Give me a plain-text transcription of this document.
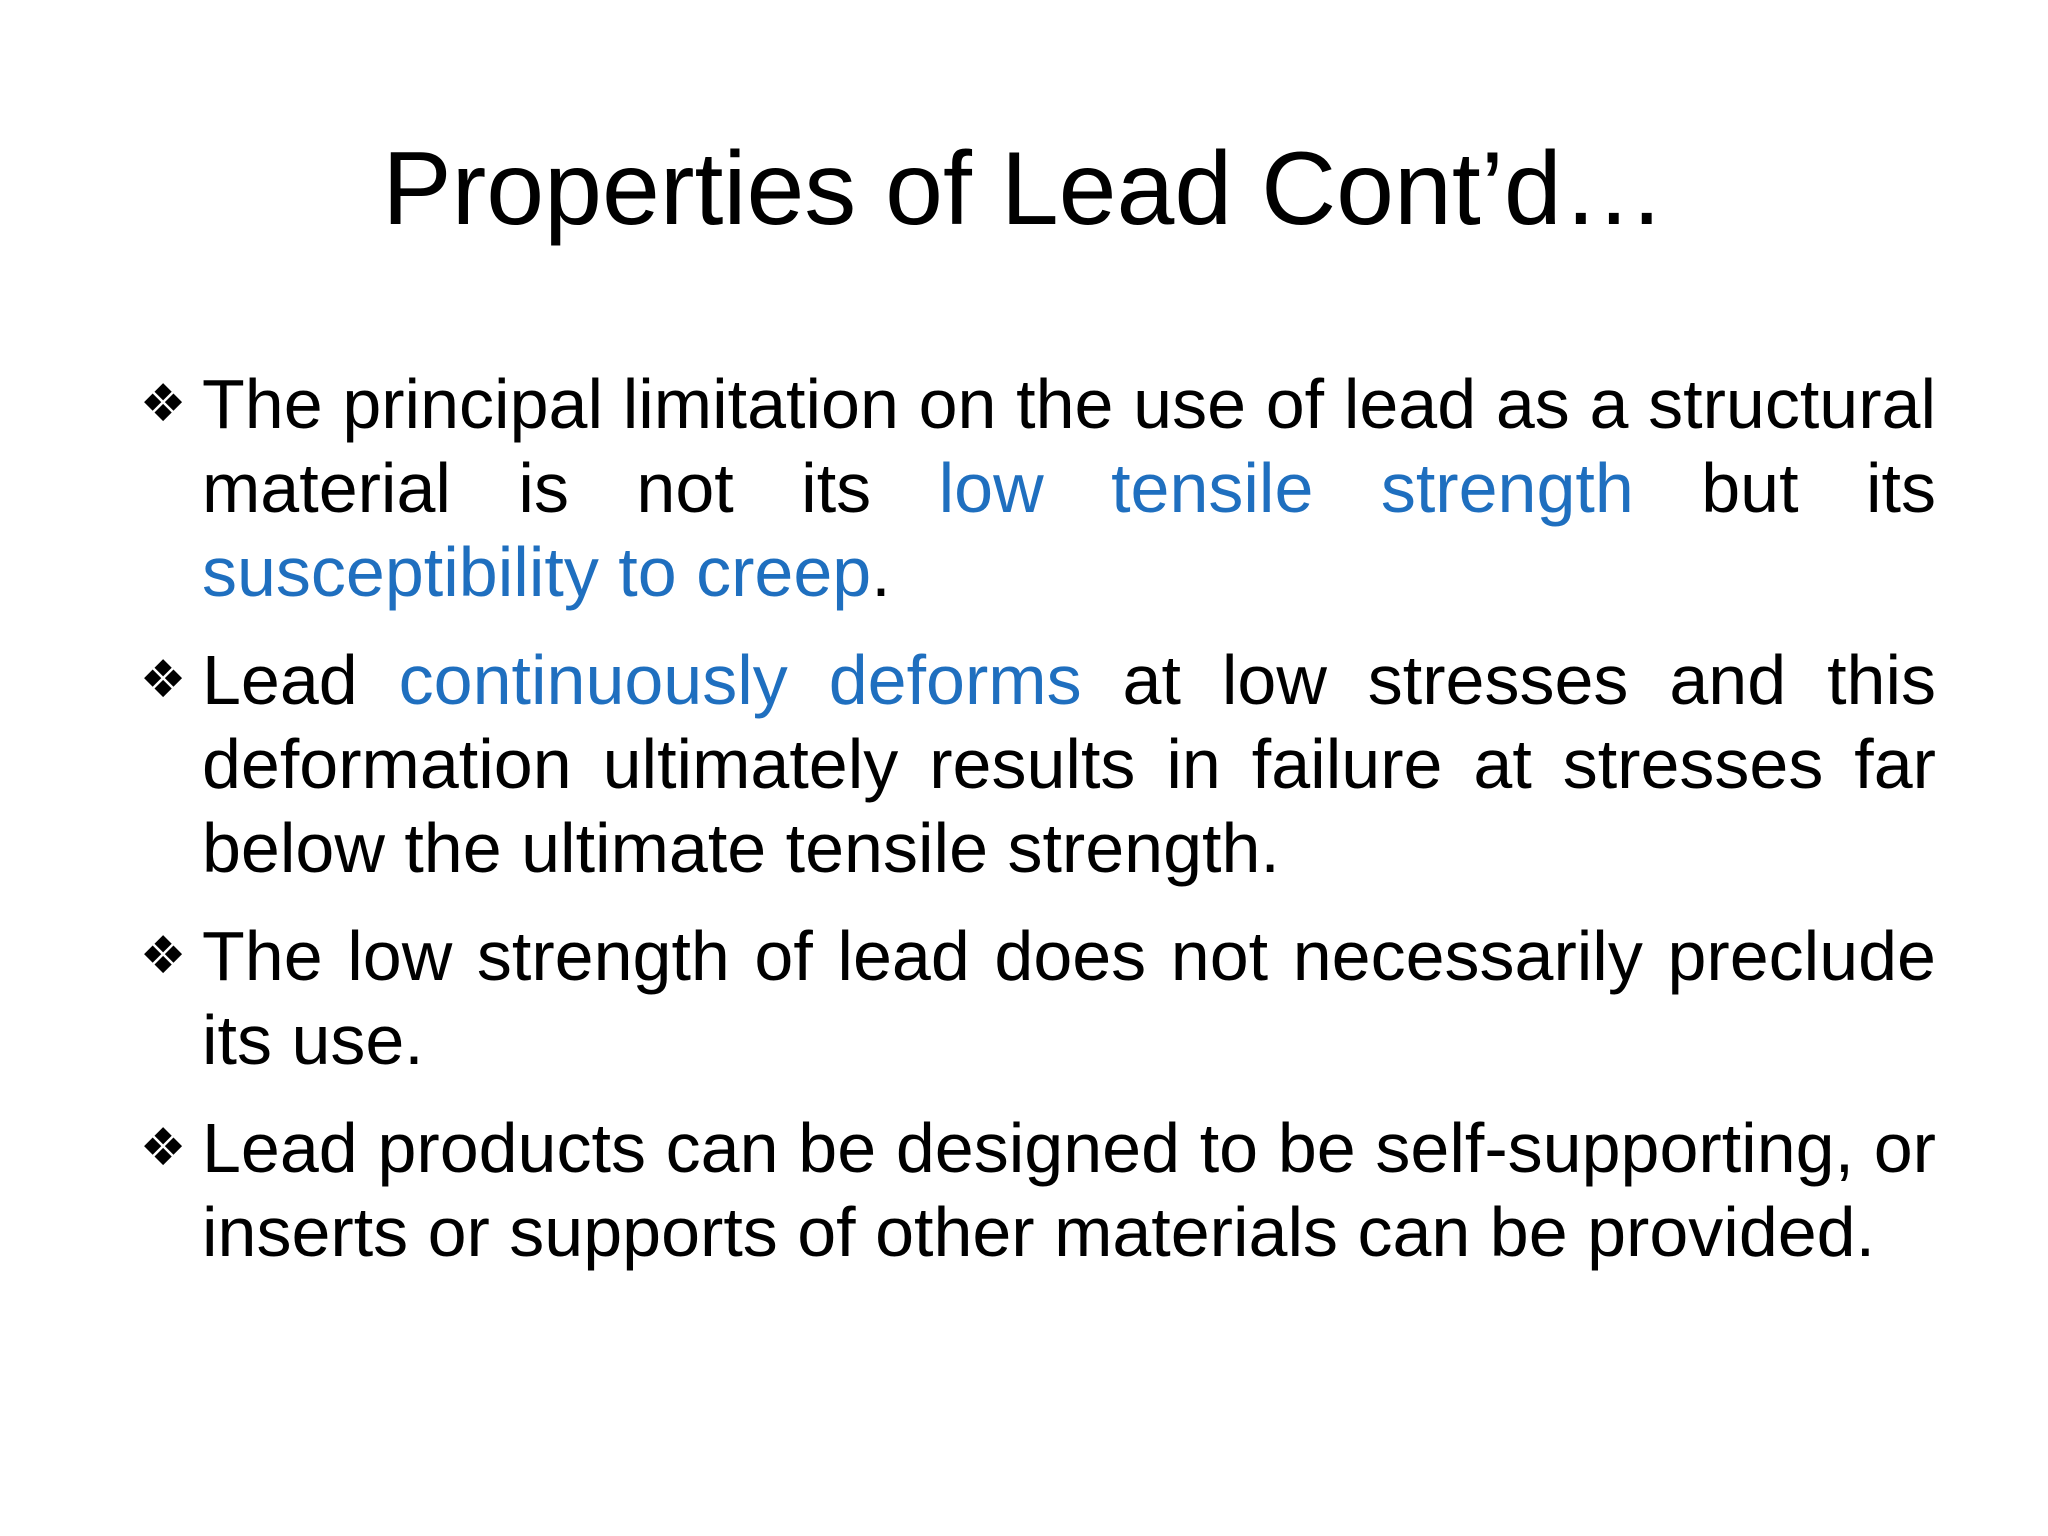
Properties of Lead Cont’d…
❖ The principal limitation on the use of lead as a structural material is not its low tensile strength but its susceptibility to creep.
❖ Lead continuously deforms at low stresses and this deformation ultimately results in failure at stresses far below the ultimate tensile strength.
❖ The low strength of lead does not necessarily preclude its use.
❖ Lead products can be designed to be self-supporting, or inserts or supports of other materials can be provided.
